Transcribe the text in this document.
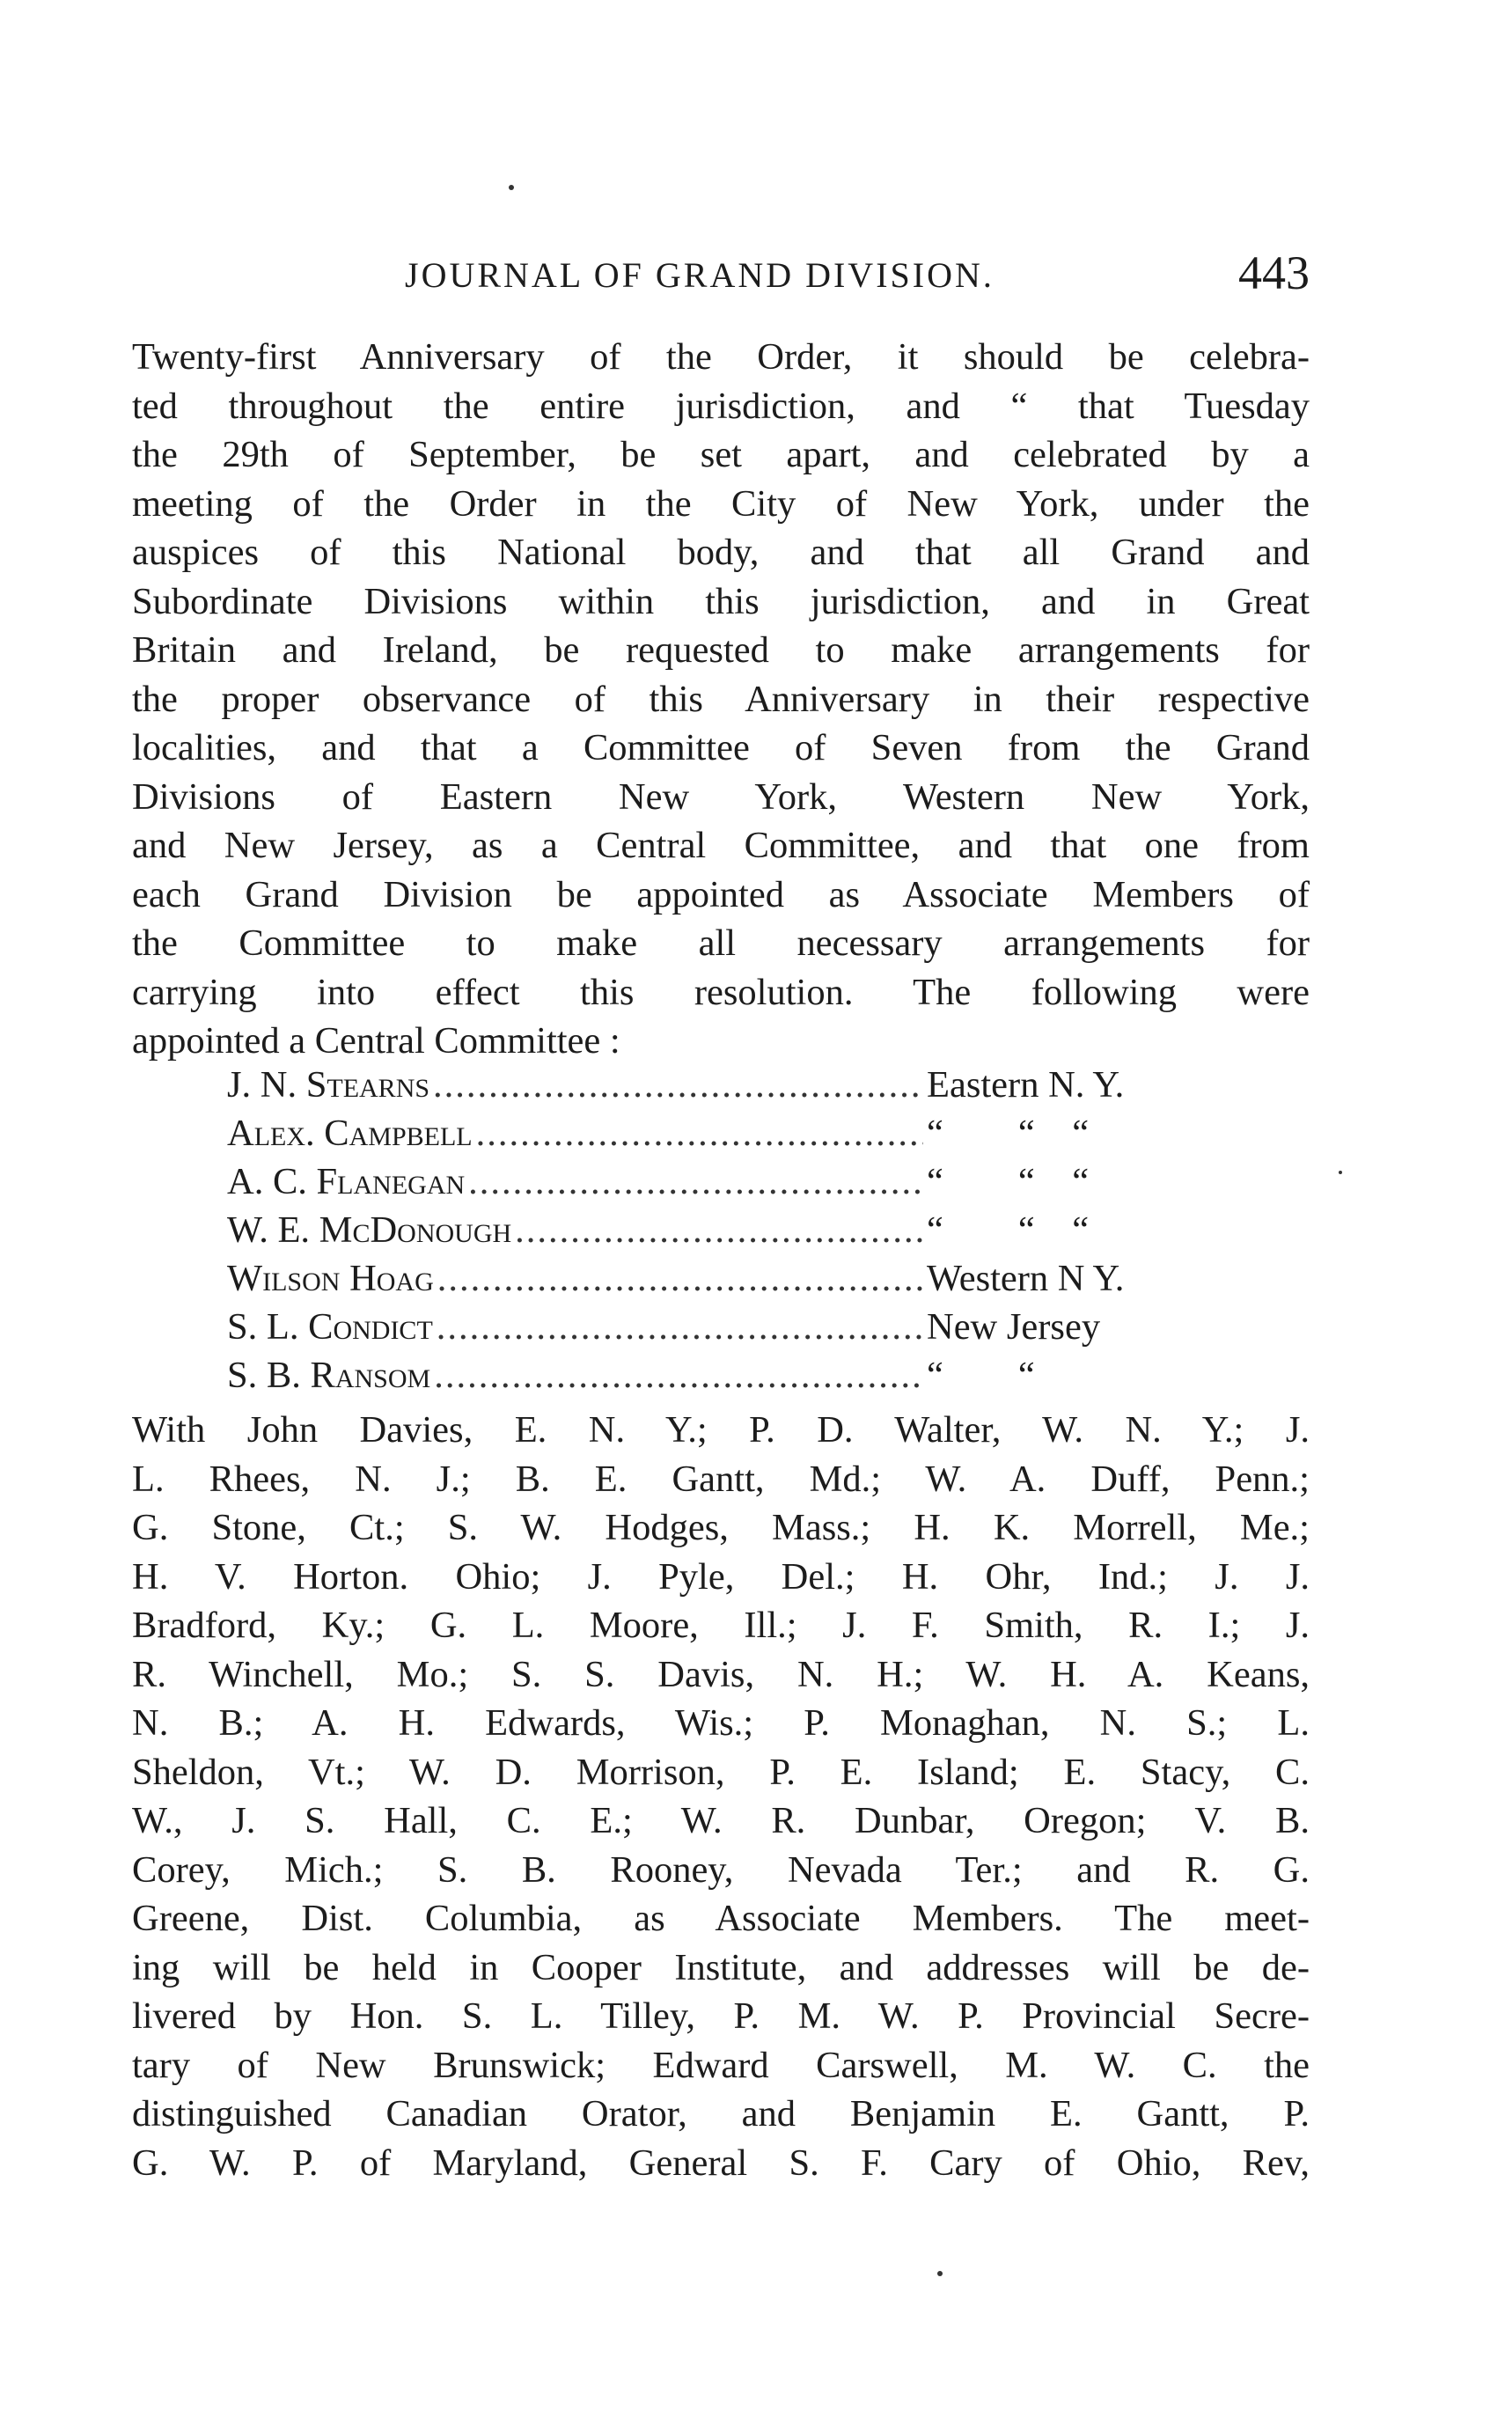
JOURNAL OF GRAND DIVISION.	443
Twenty-first Anniversary of the Order, it should be celebra-
ted throughout the entire jurisdiction, and “ that Tuesday
the 29th of September, be set apart, and celebrated by a
meeting of the Order in the City of New York, under the
auspices of this National body, and that all Grand and
Subordinate Divisions within this jurisdiction, and in Great
Britain and Ireland, be requested to make arrangements for
the proper observance of this Anniversary in their respective
localities, and that a Committee of Seven from the Grand
Divisions of Eastern New York, Western New York,
and New Jersey, as a Central Committee, and that one from
each Grand Division be appointed as Associate Members of
the Committee to make all necessary arrangements for
carrying into effect this resolution. The following were
appointed a Central Committee :
J. N. Stearns .....	Eastern N. Y.
Alex. Campbell .....	“  “ “
A. C. Flanegan .....	“  “ “
W. E. McDonough .....	“  “ “
Wilson Hoag .....	Western N Y.
S. L. Condict .....	New Jersey
S. B. Ransom .....	“  “
With John Davies, E. N. Y.; P. D. Walter, W. N. Y.; J.
L. Rhees, N. J.; B. E. Gantt, Md.; W. A. Duff, Penn.;
G. Stone, Ct.; S. W. Hodges, Mass.; H. K. Morrell, Me.;
H. V. Horton. Ohio; J. Pyle, Del.; H. Ohr, Ind.; J. J.
Bradford, Ky.; G. L. Moore, Ill.; J. F. Smith, R. I.; J.
R. Winchell, Mo.; S. S. Davis, N. H.; W. H. A. Keans,
N. B.; A. H. Edwards, Wis.; P. Monaghan, N. S.; L.
Sheldon, Vt.; W. D. Morrison, P. E. Island; E. Stacy, C.
W., J. S. Hall, C. E.; W. R. Dunbar, Oregon; V. B.
Corey, Mich.; S. B. Rooney, Nevada Ter.; and R. G.
Greene, Dist. Columbia, as Associate Members. The meet-
ing will be held in Cooper Institute, and addresses will be de-
livered by Hon. S. L. Tilley, P. M. W. P. Provincial Secre-
tary of New Brunswick; Edward Carswell, M. W. C. the
distinguished Canadian Orator, and Benjamin E. Gantt, P.
G. W. P. of Maryland, General S. F. Cary of Ohio, Rev,
